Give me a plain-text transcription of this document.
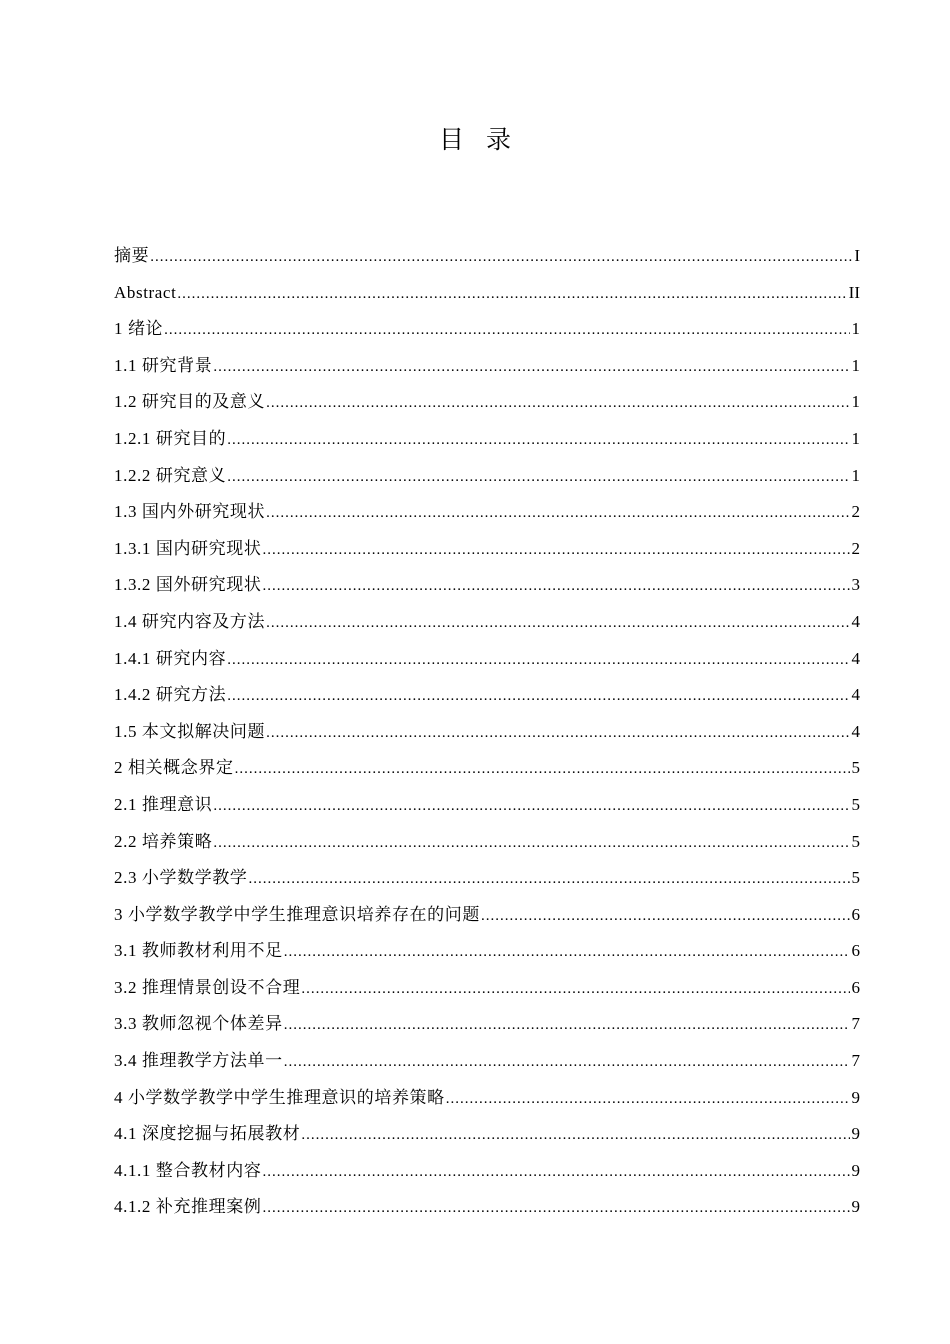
目录
摘要 .....	I
Abstract .....	II
1 绪论 .....	1
1.1 研究背景 .....	1
1.2 研究目的及意义 .....	1
1.2.1 研究目的 .....	1
1.2.2 研究意义 .....	1
1.3 国内外研究现状 .....	2
1.3.1 国内研究现状 .....	2
1.3.2 国外研究现状 .....	3
1.4 研究内容及方法 .....	4
1.4.1 研究内容 .....	4
1.4.2 研究方法 .....	4
1.5 本文拟解决问题 .....	4
2 相关概念界定 .....	5
2.1 推理意识 .....	5
2.2 培养策略 .....	5
2.3 小学数学教学 .....	5
3 小学数学教学中学生推理意识培养存在的问题 .....	6
3.1 教师教材利用不足 .....	6
3.2 推理情景创设不合理 .....	6
3.3 教师忽视个体差异 .....	7
3.4 推理教学方法单一 .....	7
4 小学数学教学中学生推理意识的培养策略 .....	9
4.1 深度挖掘与拓展教材 .....	9
4.1.1 整合教材内容 .....	9
4.1.2 补充推理案例 .....	9
